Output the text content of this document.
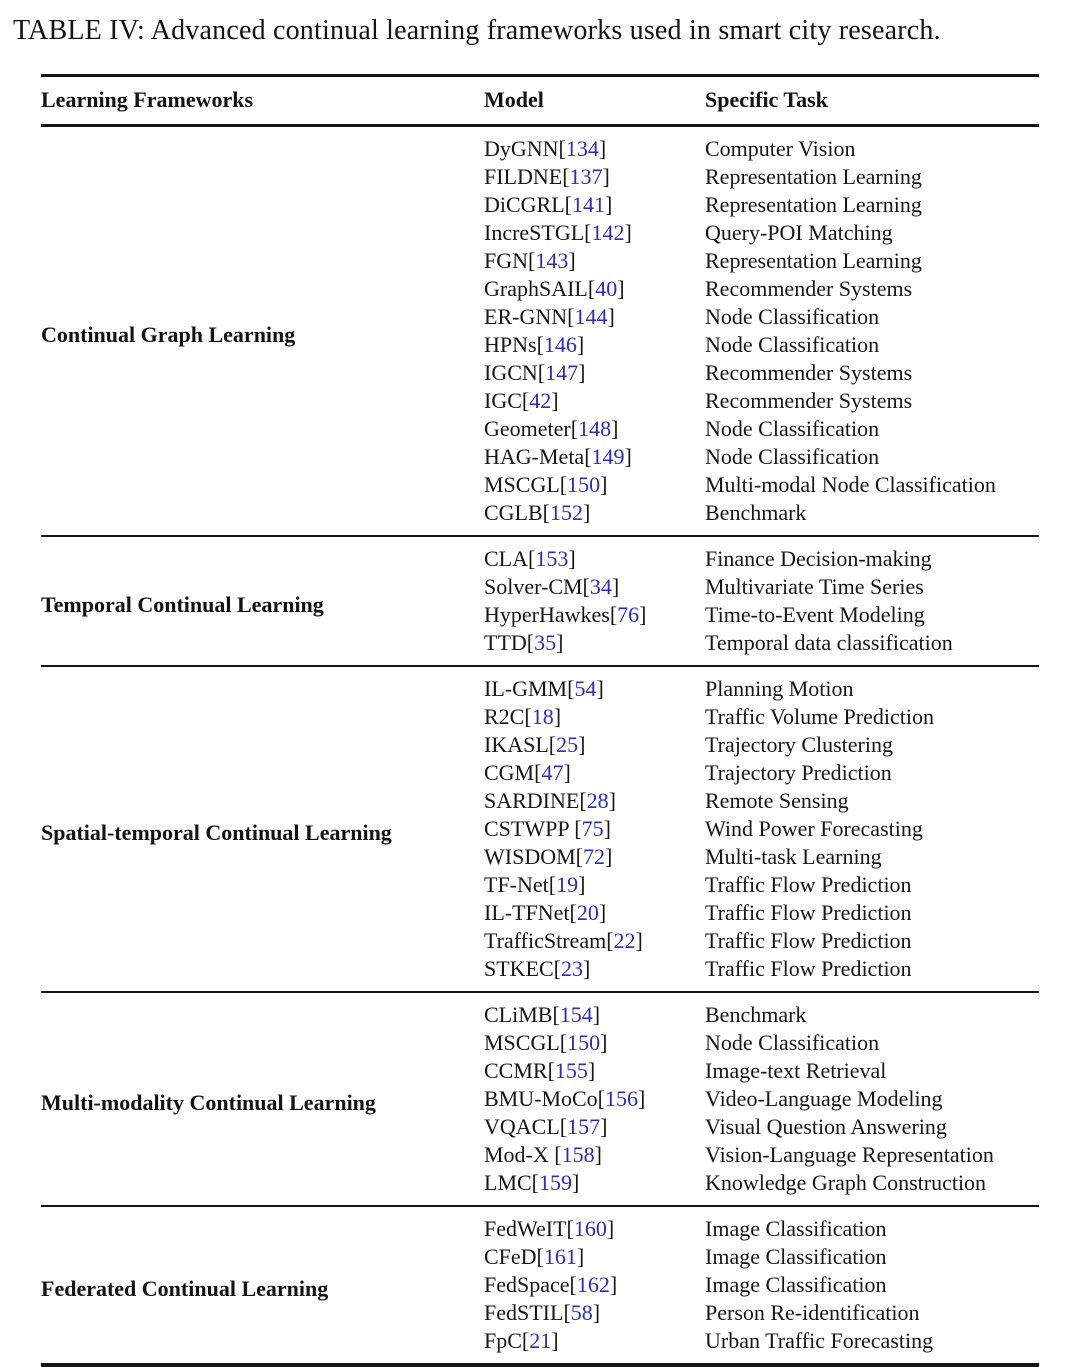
TABLE IV: Advanced continual learning frameworks used in smart city research.
Learning Frameworks	Model	Specific Task
Continual Graph Learning	DyGNN[134]	Computer Vision
	FILDNE[137]	Representation Learning
	DiCGRL[141]	Representation Learning
	IncreSTGL[142]	Query-POI Matching
	FGN[143]	Representation Learning
	GraphSAIL[40]	Recommender Systems
	ER-GNN[144]	Node Classification
	HPNs[146]	Node Classification
	IGCN[147]	Recommender Systems
	IGC[42]	Recommender Systems
	Geometer[148]	Node Classification
	HAG-Meta[149]	Node Classification
	MSCGL[150]	Multi-modal Node Classification
	CGLB[152]	Benchmark
Temporal Continual Learning	CLA[153]	Finance Decision-making
	Solver-CM[34]	Multivariate Time Series
	HyperHawkes[76]	Time-to-Event Modeling
	TTD[35]	Temporal data classification
Spatial-temporal Continual Learning	IL-GMM[54]	Planning Motion
	R2C[18]	Traffic Volume Prediction
	IKASL[25]	Trajectory Clustering
	CGM[47]	Trajectory Prediction
	SARDINE[28]	Remote Sensing
	CSTWPP [75]	Wind Power Forecasting
	WISDOM[72]	Multi-task Learning
	TF-Net[19]	Traffic Flow Prediction
	IL-TFNet[20]	Traffic Flow Prediction
	TrafficStream[22]	Traffic Flow Prediction
	STKEC[23]	Traffic Flow Prediction
Multi-modality Continual Learning	CLiMB[154]	Benchmark
	MSCGL[150]	Node Classification
	CCMR[155]	Image-text Retrieval
	BMU-MoCo[156]	Video-Language Modeling
	VQACL[157]	Visual Question Answering
	Mod-X [158]	Vision-Language Representation
	LMC[159]	Knowledge Graph Construction
Federated Continual Learning	FedWeIT[160]	Image Classification
	CFeD[161]	Image Classification
	FedSpace[162]	Image Classification
	FedSTIL[58]	Person Re-identification
	FpC[21]	Urban Traffic Forecasting
